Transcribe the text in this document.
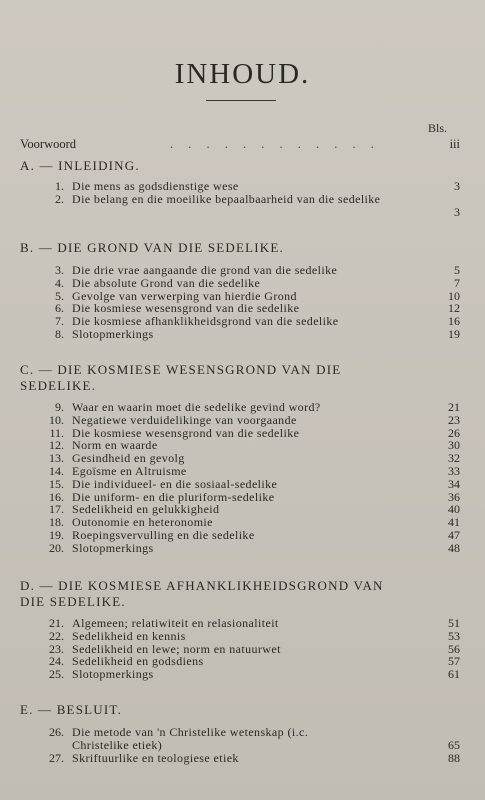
INHOUD.
Bls.
Voorwoord	. . . . . . . . . . . .	iii
A. — INLEIDING.
1. Die mens as godsdienstige wese	3
2. Die belang en die moeilike bepaalbaarheid van die sedelike
3
B. — DIE GROND VAN DIE SEDELIKE.
3. Die drie vrae aangaande die grond van die sedelike	5
4. Die absolute Grond van die sedelike	7
5. Gevolge van verwerping van hierdie Grond	10
6. Die kosmiese wesensgrond van die sedelike	12
7. Die kosmiese afhanklikheidsgrond van die sedelike	16
8. Slotopmerkings	19
C. — DIE KOSMIESE WESENSGROND VAN DIE SEDELIKE.
9. Waar en waarin moet die sedelike gevind word?	21
10. Negatiewe verduidelikinge van voorgaande	23
11. Die kosmiese wesensgrond van die sedelike	26
12. Norm en waarde	30
13. Gesindheid en gevolg	32
14. Egoïsme en Altruisme	33
15. Die individueel- en die sosiaal-sedelike	34
16. Die uniform- en die pluriform-sedelike	36
17. Sedelikheid en gelukkigheid	40
18. Outonomie en heteronomie	41
19. Roepingsvervulling en die sedelike	47
20. Slotopmerkings	48
D. — DIE KOSMIESE AFHANKLIKHEIDSGROND VAN DIE SEDELIKE.
21. Algemeen; relatiwiteit en relasionaliteit	51
22. Sedelikheid en kennis	53
23. Sedelikheid en lewe; norm en natuurwet	56
24. Sedelikheid en godsdiens	57
25. Slotopmerkings	61
E. — BESLUIT.
26. Die metode van 'n Christelike wetenskap (i.c. Christelike etiek)	65
27. Skriftuurlike en teologiese etiek	88
